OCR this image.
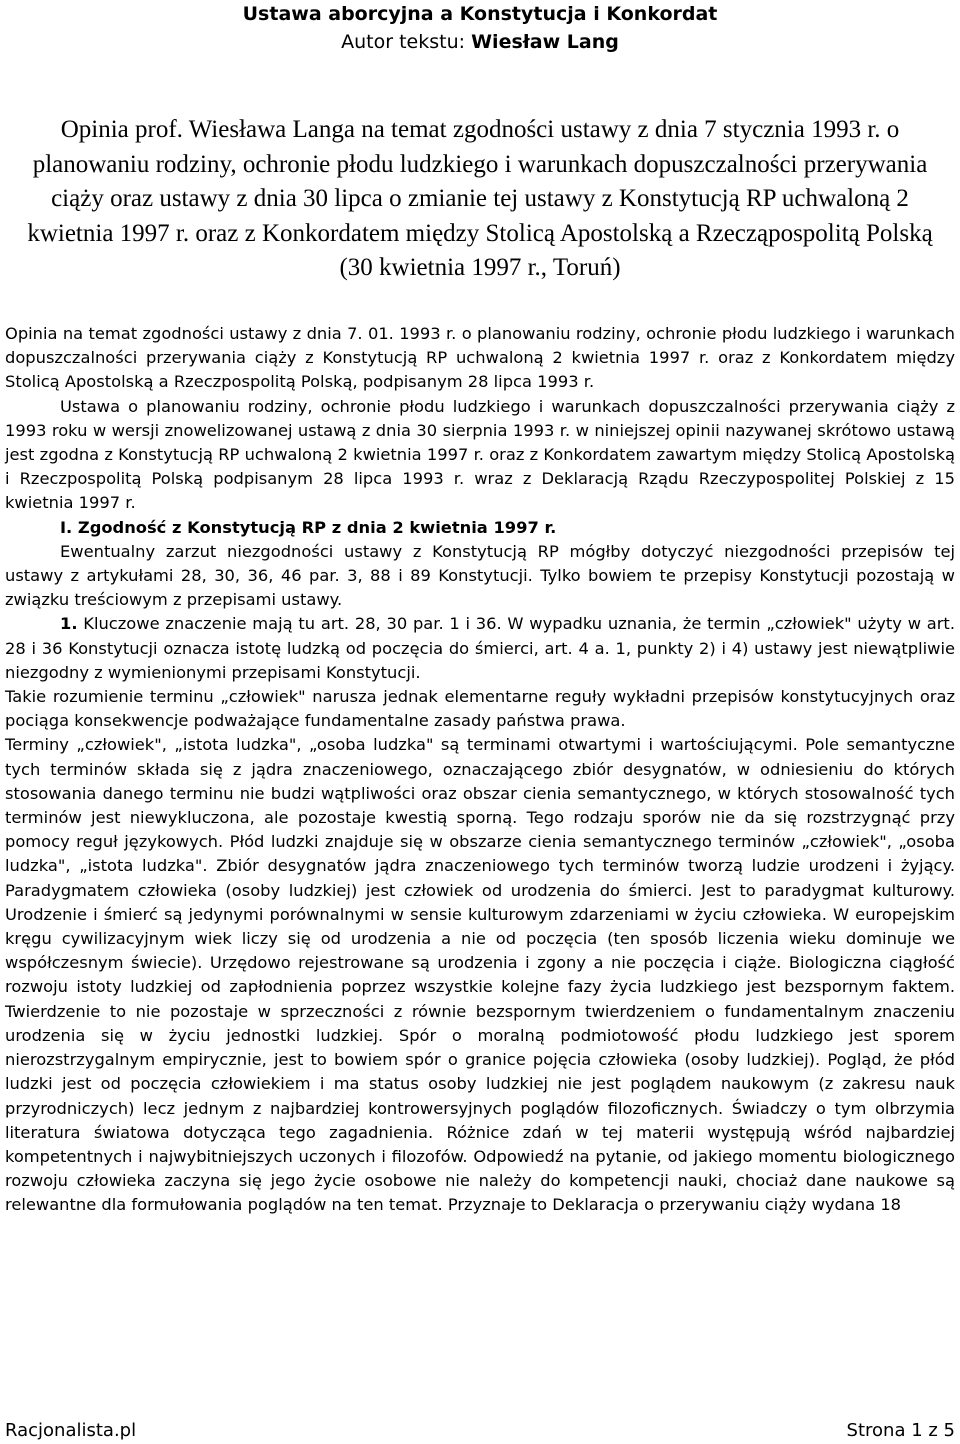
Ustawa aborcyjna a Konstytucja i Konkordat
Autor tekstu: Wiesław Lang

Opinia prof. Wiesława Langa na temat zgodności ustawy z dnia 7 stycznia 1993 r. o planowaniu rodziny, ochronie płodu ludzkiego i warunkach dopuszczalności przerywania ciąży oraz ustawy z dnia 30 lipca o zmianie tej ustawy z Konstytucją RP uchwaloną 2 kwietnia 1997 r. oraz z Konkordatem między Stolicą Apostolską a Rzecząpospolitą Polską (30 kwietnia 1997 r., Toruń)

Opinia na temat zgodności ustawy z dnia 7. 01. 1993 r. o planowaniu rodziny, ochronie płodu ludzkiego i warunkach dopuszczalności przerywania ciąży z Konstytucją RP uchwaloną 2 kwietnia 1997 r. oraz z Konkordatem między Stolicą Apostolską a Rzeczpospolitą Polską, podpisanym 28 lipca 1993 r.

Ustawa o planowaniu rodziny, ochronie płodu ludzkiego i warunkach dopuszczalności przerywania ciąży z 1993 roku w wersji znowelizowanej ustawą z dnia 30 sierpnia 1993 r. w niniejszej opinii nazywanej skrótowo ustawą jest zgodna z Konstytucją RP uchwaloną 2 kwietnia 1997 r. oraz z Konkordatem zawartym między Stolicą Apostolską i Rzeczpospolitą Polską podpisanym 28 lipca 1993 r. wraz z Deklaracją Rządu Rzeczypospolitej Polskiej z 15 kwietnia 1997 r.

I. Zgodność z Konstytucją RP z dnia 2 kwietnia 1997 r.

Ewentualny zarzut niezgodności ustawy z Konstytucją RP mógłby dotyczyć niezgodności przepisów tej ustawy z artykułami 28, 30, 36, 46 par. 3, 88 i 89 Konstytucji. Tylko bowiem te przepisy Konstytucji pozostają w związku treściowym z przepisami ustawy.

1. Kluczowe znaczenie mają tu art. 28, 30 par. 1 i 36. W wypadku uznania, że termin „człowiek" użyty w art. 28 i 36 Konstytucji oznacza istotę ludzką od poczęcia do śmierci, art. 4 a. 1, punkty 2) i 4) ustawy jest niewątpliwie niezgodny z wymienionymi przepisami Konstytucji.

Takie rozumienie terminu „człowiek" narusza jednak elementarne reguły wykładni przepisów konstytucyjnych oraz pociąga konsekwencje podważające fundamentalne zasady państwa prawa.

Terminy „człowiek", „istota ludzka", „osoba ludzka" są terminami otwartymi i wartościującymi. Pole semantyczne tych terminów składa się z jądra znaczeniowego, oznaczającego zbiór desygnatów, w odniesieniu do których stosowania danego terminu nie budzi wątpliwości oraz obszar cienia semantycznego, w których stosowalność tych terminów jest niewykluczona, ale pozostaje kwestią sporną. Tego rodzaju sporów nie da się rozstrzygnąć przy pomocy reguł językowych. Płód ludzki znajduje się w obszarze cienia semantycznego terminów „człowiek", „osoba ludzka", „istota ludzka". Zbiór desygnatów jądra znaczeniowego tych terminów tworzą ludzie urodzeni i żyjący. Paradygmatem człowieka (osoby ludzkiej) jest człowiek od urodzenia do śmierci. Jest to paradygmat kulturowy. Urodzenie i śmierć są jedynymi porównalnymi w sensie kulturowym zdarzeniami w życiu człowieka. W europejskim kręgu cywilizacyjnym wiek liczy się od urodzenia a nie od poczęcia (ten sposób liczenia wieku dominuje we współczesnym świecie). Urzędowo rejestrowane są urodzenia i zgony a nie poczęcia i ciąże. Biologiczna ciągłość rozwoju istoty ludzkiej od zapłodnienia poprzez wszystkie kolejne fazy życia ludzkiego jest bezspornym faktem. Twierdzenie to nie pozostaje w sprzeczności z równie bezspornym twierdzeniem o fundamentalnym znaczeniu urodzenia się w życiu jednostki ludzkiej. Spór o moralną podmiotowość płodu ludzkiego jest sporem nierozstrzygalnym empirycznie, jest to bowiem spór o granice pojęcia człowieka (osoby ludzkiej). Pogląd, że płód ludzki jest od poczęcia człowiekiem i ma status osoby ludzkiej nie jest poglądem naukowym (z zakresu nauk przyrodniczych) lecz jednym z najbardziej kontrowersyjnych poglądów filozoficznych. Świadczy o tym olbrzymia literatura światowa dotycząca tego zagadnienia. Różnice zdań w tej materii występują wśród najbardziej kompetentnych i najwybitniejszych uczonych i filozofów. Odpowiedź na pytanie, od jakiego momentu biologicznego rozwoju człowieka zaczyna się jego życie osobowe nie należy do kompetencji nauki, chociaż dane naukowe są relewantne dla formułowania poglądów na ten temat. Przyznaje to Deklaracja o przerywaniu ciąży wydana 18

Racjonalista.pl	Strona 1 z 5
